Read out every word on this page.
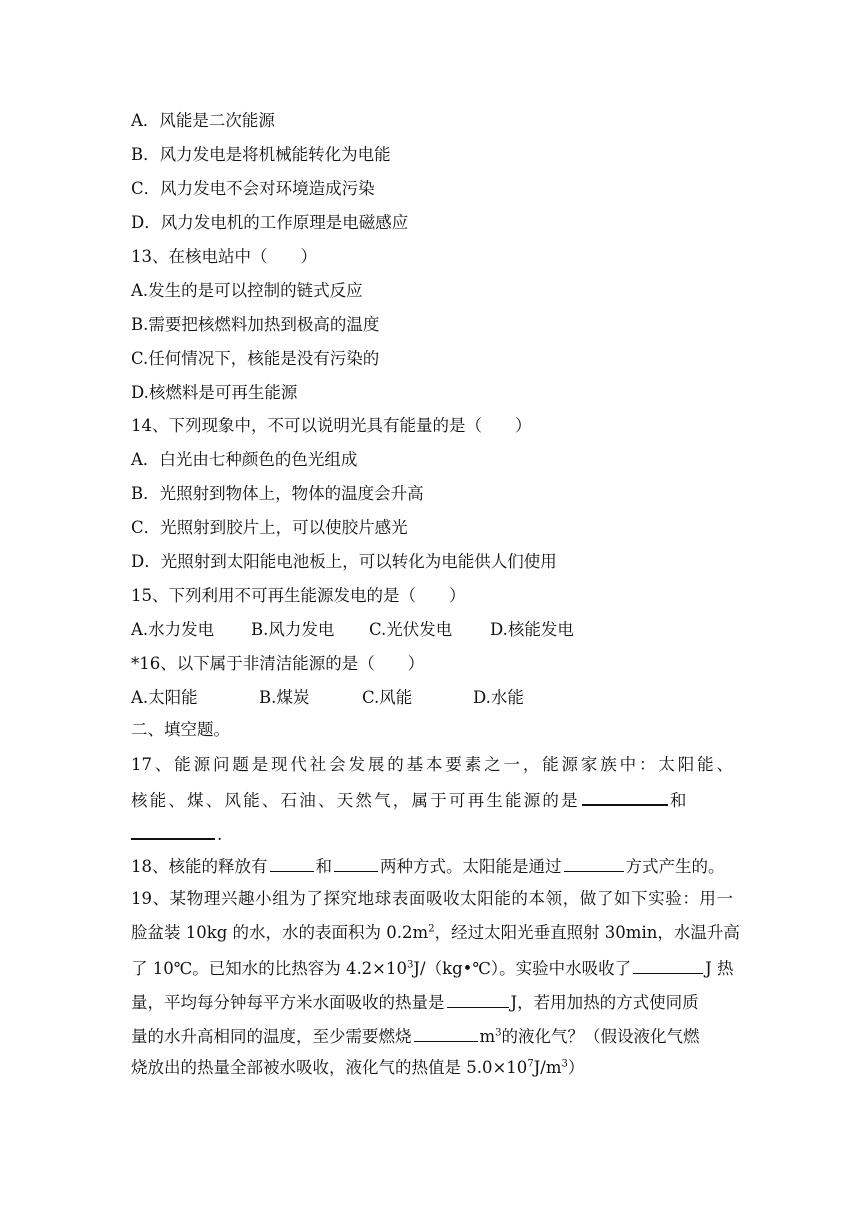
A．风能是二次能源
B．风力发电是将机械能转化为电能
C．风力发电不会对环境造成污染
D．风力发电机的工作原理是电磁感应
13、在核电站中（　　）
A.发生的是可以控制的链式反应
B.需要把核燃料加热到极高的温度
C.任何情况下，核能是没有污染的
D.核燃料是可再生能源
14、下列现象中，不可以说明光具有能量的是（　　）
A．白光由七种颜色的色光组成
B．光照射到物体上，物体的温度会升高
C．光照射到胶片上，可以使胶片感光
D．光照射到太阳能电池板上，可以转化为电能供人们使用
15、下列利用不可再生能源发电的是（　　）
A.水力发电 B.风力发电 C.光伏发电 D.核能发电
*16、以下属于非清洁能源的是（　　）
A.太阳能	B.煤炭	C.风能	D.水能
二、填空题。
17、能源问题是现代社会发展的基本要素之一，能源家族中：太阳能、
核能、煤、风能、石油、天然气，属于可再生能源的是	和
.
18、核能的释放有	和	两种方式。太阳能是通过	方式产生的。
19、某物理兴趣小组为了探究地球表面吸收太阳能的本领，做了如下实验：用一
脸盆装 10kg 的水，水的表面积为 $0.2m^2$，经过太阳光垂直照射 30min，水温升高
了 10℃。已知水的比热容为 $4.2\times 10^3J/(kg•℃)$。实验中水吸收了	J 热
量，平均每分钟每平方米水面吸收的热量是	J，若用加热的方式使同质
量的水升高相同的温度，至少需要燃烧	$m^3$的液化气？（假设液化气燃
烧放出的热量全部被水吸收，液化气的热值是 $5.0\times 10^7J/m^3$）
